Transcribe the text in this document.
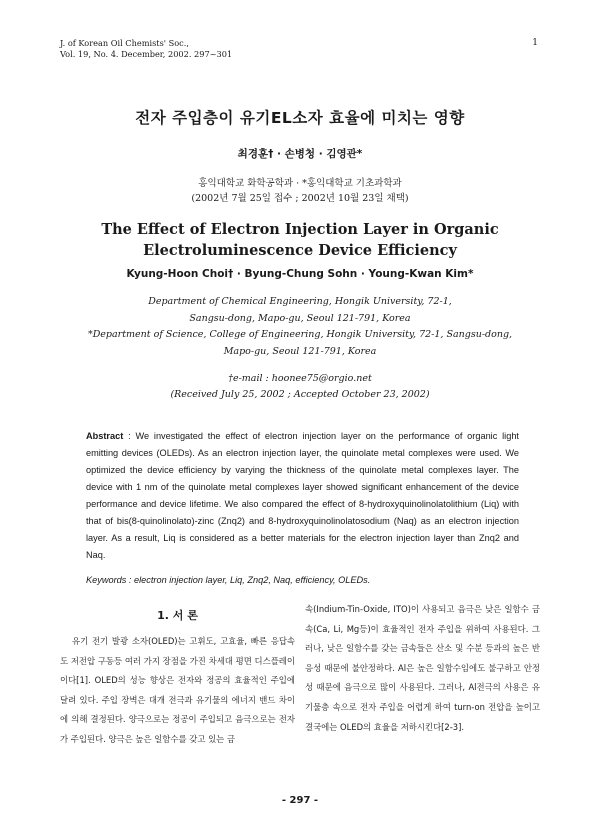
J. of Korean Oil Chemists' Soc.,
Vol. 19, No. 4. December, 2002. 297~301
1
전자 주입층이 유기EL소자 효율에 미치는 영향
최경훈† · 손병청 · 김영관*
홍익대학교 화학공학과 · *홍익대학교 기초과학과
(2002년 7월 25일 접수 ; 2002년 10월 23일 채택)
The Effect of Electron Injection Layer in Organic
Electroluminescence Device Efficiency
Kyung-Hoon Choi† · Byung-Chung Sohn · Young-Kwan Kim*
Department of Chemical Engineering, Hongik University, 72-1,
Sangsu-dong, Mapo-gu, Seoul 121-791, Korea
*Department of Science, College of Engineering, Hongik University, 72-1, Sangsu-dong,
Mapo-gu, Seoul 121-791, Korea
†e-mail : hoonee75@orgio.net
(Received July 25, 2002 ; Accepted October 23, 2002)
Abstract : We investigated the effect of electron injection layer on the performance of organic light emitting devices (OLEDs). As an electron injection layer, the quinolate metal complexes were used. We optimized the device efficiency by varying the thickness of the quinolate metal complexes layer. The device with 1 nm of the quinolate metal complexes layer showed significant enhancement of the device performance and device lifetime. We also compared the effect of 8-hydroxyquinolinolatolithium (Liq) with that of bis(8-quinolinolato)-zinc (Znq2) and 8-hydroxyquinolinolatosodium (Naq) as an electron injection layer. As a result, Liq is considered as a better materials for the electron injection layer than Znq2 and Naq.
Keywords : electron injection layer, Liq, Znq2, Naq, efficiency, OLEDs.
1. 서 론

유기 전기 발광 소자(OLED)는 고휘도, 고효율, 빠른 응답속도 저전압 구동등 여러 가지 장점을 가진 차세대 평면 디스플레이이다[1]. OLED의 성능 향상은 전자와 정공의 효율적인 주입에 달려 있다. 주입 장벽은 대개 전극과 유기물의 에너지 밴드 차이에 의해 결정된다. 양극으로는 정공이 주입되고 음극으로는 전자가 주입된다. 양극은 높은 일함수를 갖고 있는 금

속(Indium-Tin-Oxide, ITO)이 사용되고 음극은 낮은 일함수 금속(Ca, Li, Mg등)이 효율적인 전자 주입을 위하여 사용된다. 그러나, 낮은 일함수를 갖는 금속들은 산소 및 수분 등과의 높은 반응성 때문에 불안정하다. Al은 높은 일함수임에도 불구하고 안정성 때문에 음극으로 많이 사용된다. 그러나, Al전극의 사용은 유기물층 속으로 전자 주입을 어렵게 하여 turn-on 전압을 높이고 결국에는 OLED의 효율을 저하시킨다[2-3].

- 297 -
